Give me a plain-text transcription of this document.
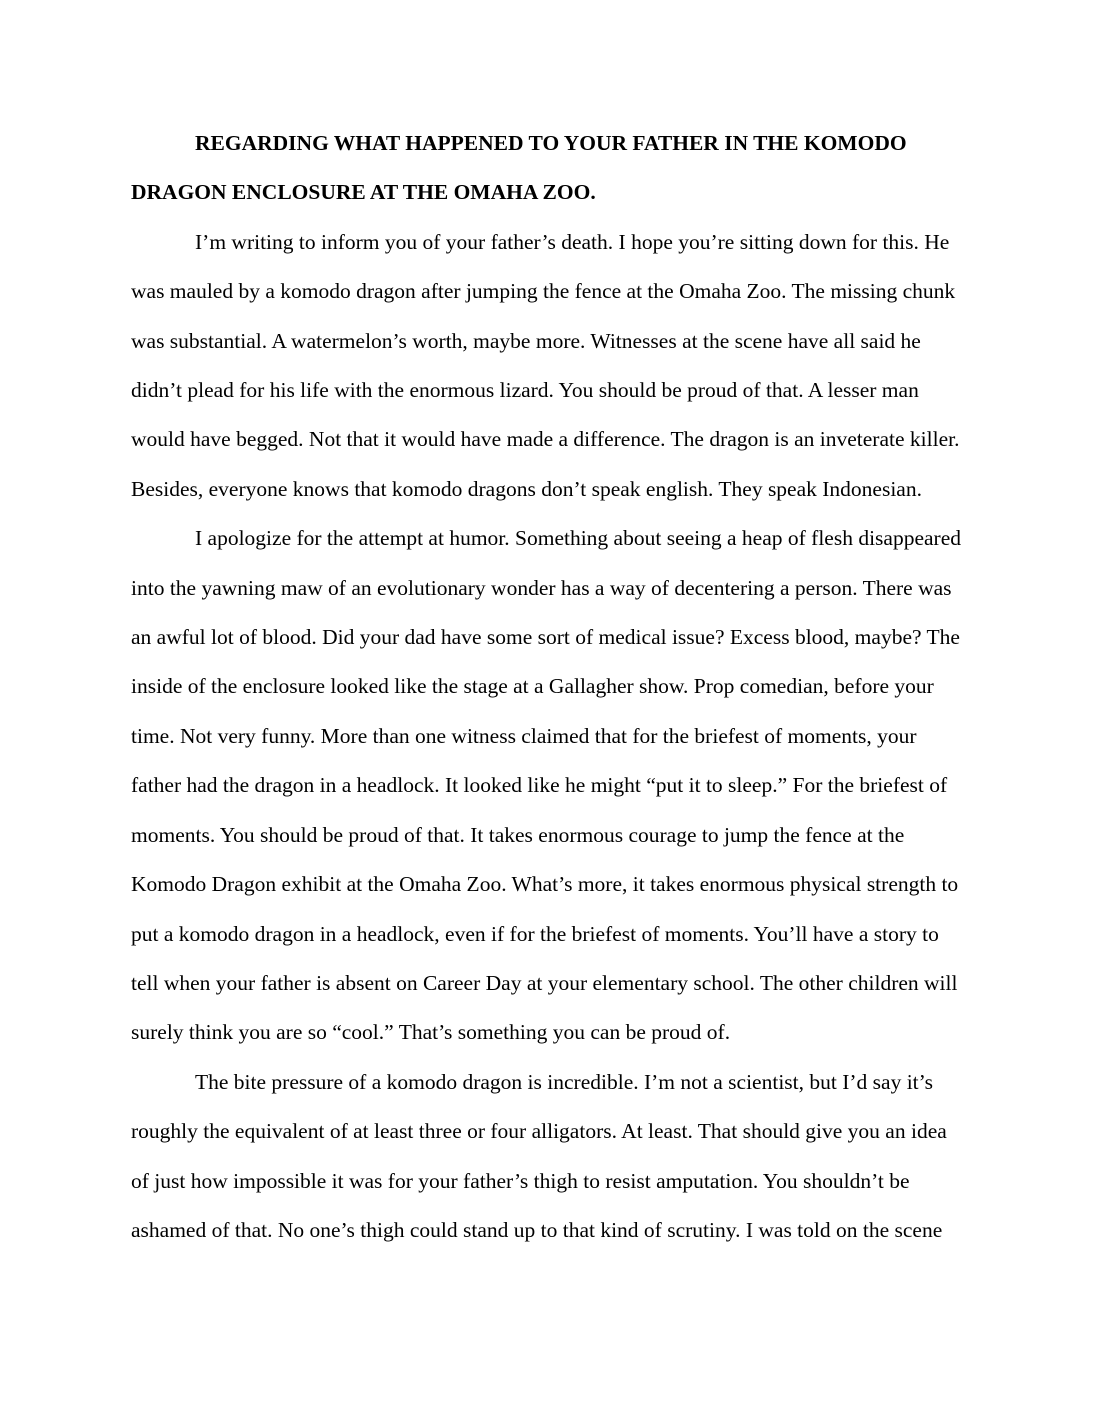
REGARDING WHAT HAPPENED TO YOUR FATHER IN THE KOMODO DRAGON ENCLOSURE AT THE OMAHA ZOO.

I’m writing to inform you of your father’s death. I hope you’re sitting down for this. He was mauled by a komodo dragon after jumping the fence at the Omaha Zoo. The missing chunk was substantial. A watermelon’s worth, maybe more. Witnesses at the scene have all said he didn’t plead for his life with the enormous lizard. You should be proud of that. A lesser man would have begged. Not that it would have made a difference. The dragon is an inveterate killer. Besides, everyone knows that komodo dragons don’t speak english. They speak Indonesian.

I apologize for the attempt at humor. Something about seeing a heap of flesh disappeared into the yawning maw of an evolutionary wonder has a way of decentering a person. There was an awful lot of blood. Did your dad have some sort of medical issue? Excess blood, maybe? The inside of the enclosure looked like the stage at a Gallagher show. Prop comedian, before your time. Not very funny. More than one witness claimed that for the briefest of moments, your father had the dragon in a headlock. It looked like he might “put it to sleep.” For the briefest of moments. You should be proud of that. It takes enormous courage to jump the fence at the Komodo Dragon exhibit at the Omaha Zoo. What’s more, it takes enormous physical strength to put a komodo dragon in a headlock, even if for the briefest of moments. You’ll have a story to tell when your father is absent on Career Day at your elementary school. The other children will surely think you are so “cool.” That’s something you can be proud of.

The bite pressure of a komodo dragon is incredible. I’m not a scientist, but I’d say it’s roughly the equivalent of at least three or four alligators. At least. That should give you an idea of just how impossible it was for your father’s thigh to resist amputation. You shouldn’t be ashamed of that. No one’s thigh could stand up to that kind of scrutiny. I was told on the scene
